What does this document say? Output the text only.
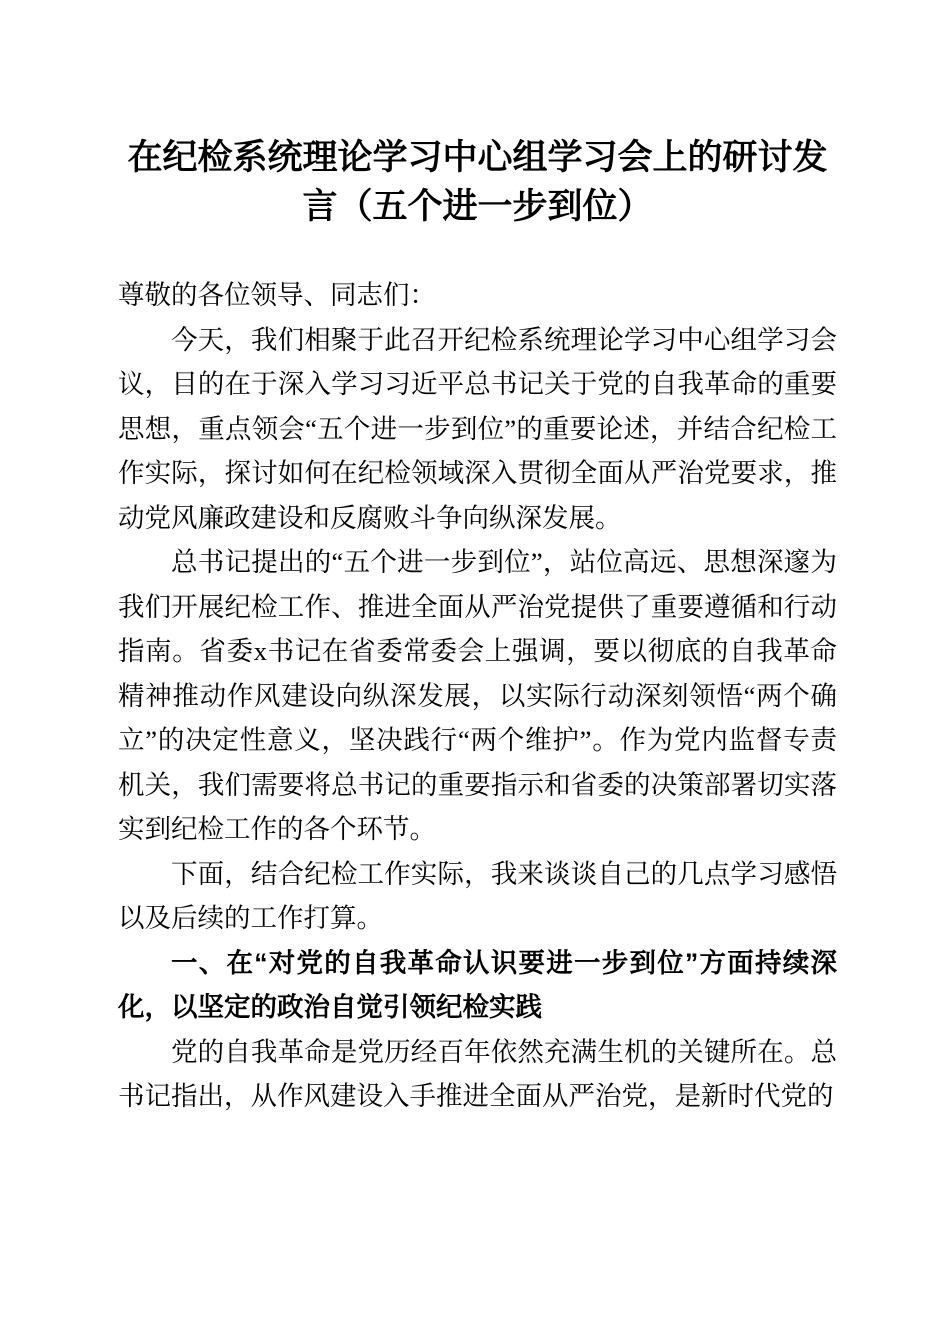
在纪检系统理论学习中心组学习会上的研讨发言（五个进一步到位）

尊敬的各位领导、同志们：

今天，我们相聚于此召开纪检系统理论学习中心组学习会议，目的在于深入学习习近平总书记关于党的自我革命的重要思想，重点领会“五个进一步到位”的重要论述，并结合纪检工作实际，探讨如何在纪检领域深入贯彻全面从严治党要求，推动党风廉政建设和反腐败斗争向纵深发展。

总书记提出的“五个进一步到位”，站位高远、思想深邃为我们开展纪检工作、推进全面从严治党提供了重要遵循和行动指南。省委x书记在省委常委会上强调，要以彻底的自我革命精神推动作风建设向纵深发展，以实际行动深刻领悟“两个确立”的决定性意义，坚决践行“两个维护”。作为党内监督专责机关，我们需要将总书记的重要指示和省委的决策部署切实落实到纪检工作的各个环节。

下面，结合纪检工作实际，我来谈谈自己的几点学习感悟以及后续的工作打算。

一、在“对党的自我革命认识要进一步到位”方面持续深化，以坚定的政治自觉引领纪检实践

党的自我革命是党历经百年依然充满生机的关键所在。总书记指出，从作风建设入手推进全面从严治党，是新时代党的
